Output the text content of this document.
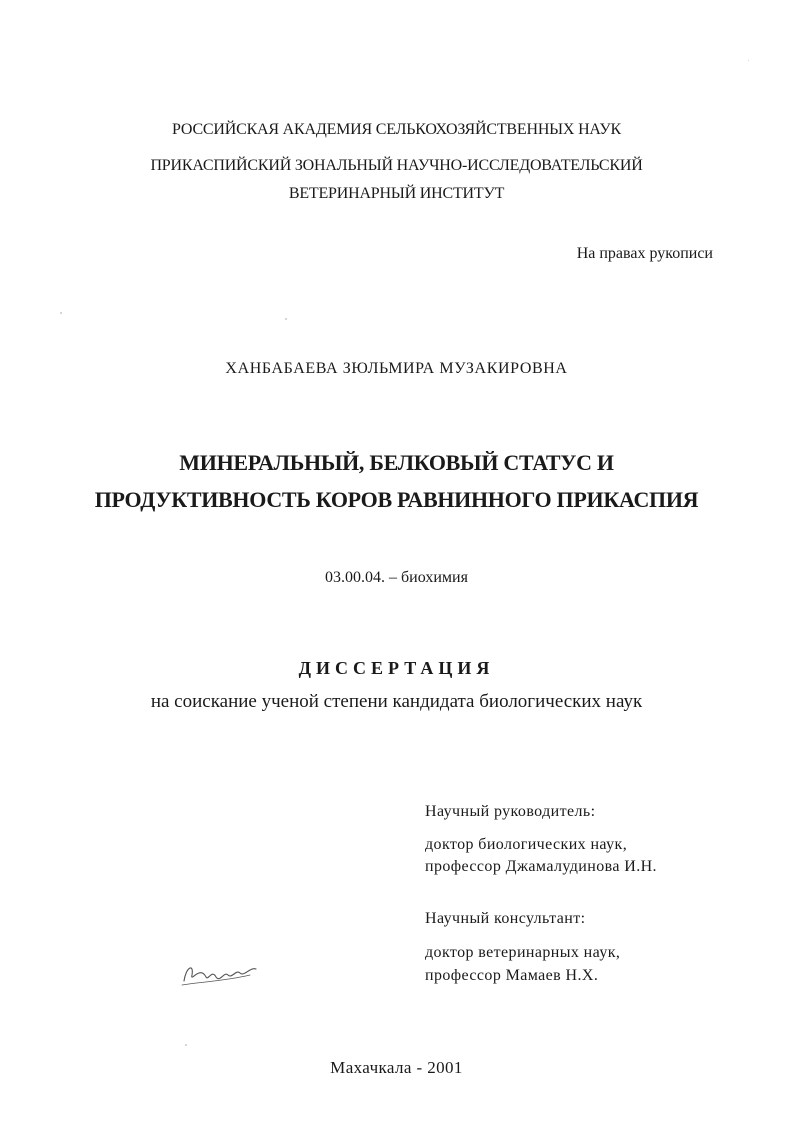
РОССИЙСКАЯ АКАДЕМИЯ СЕЛЬКОХОЗЯЙСТВЕННЫХ НАУК
ПРИКАСПИЙСКИЙ ЗОНАЛЬНЫЙ НАУЧНО-ИССЛЕДОВАТЕЛЬСКИЙ
ВЕТЕРИНАРНЫЙ ИНСТИТУТ
На правах рукописи
ХАНБАБАЕВА ЗЮЛЬМИРА МУЗАКИРОВНА
МИНЕРАЛЬНЫЙ, БЕЛКОВЫЙ СТАТУС И
ПРОДУКТИВНОСТЬ КОРОВ РАВНИННОГО ПРИКАСПИЯ
03.00.04. – биохимия
ДИССЕРТАЦИЯ
на соискание ученой степени кандидата биологических наук
Научный руководитель:
доктор биологических наук,
профессор Джамалудинова И.Н.
Научный консультант:
доктор ветеринарных наук,
профессор Мамаев Н.Х.
Махачкала - 2001
